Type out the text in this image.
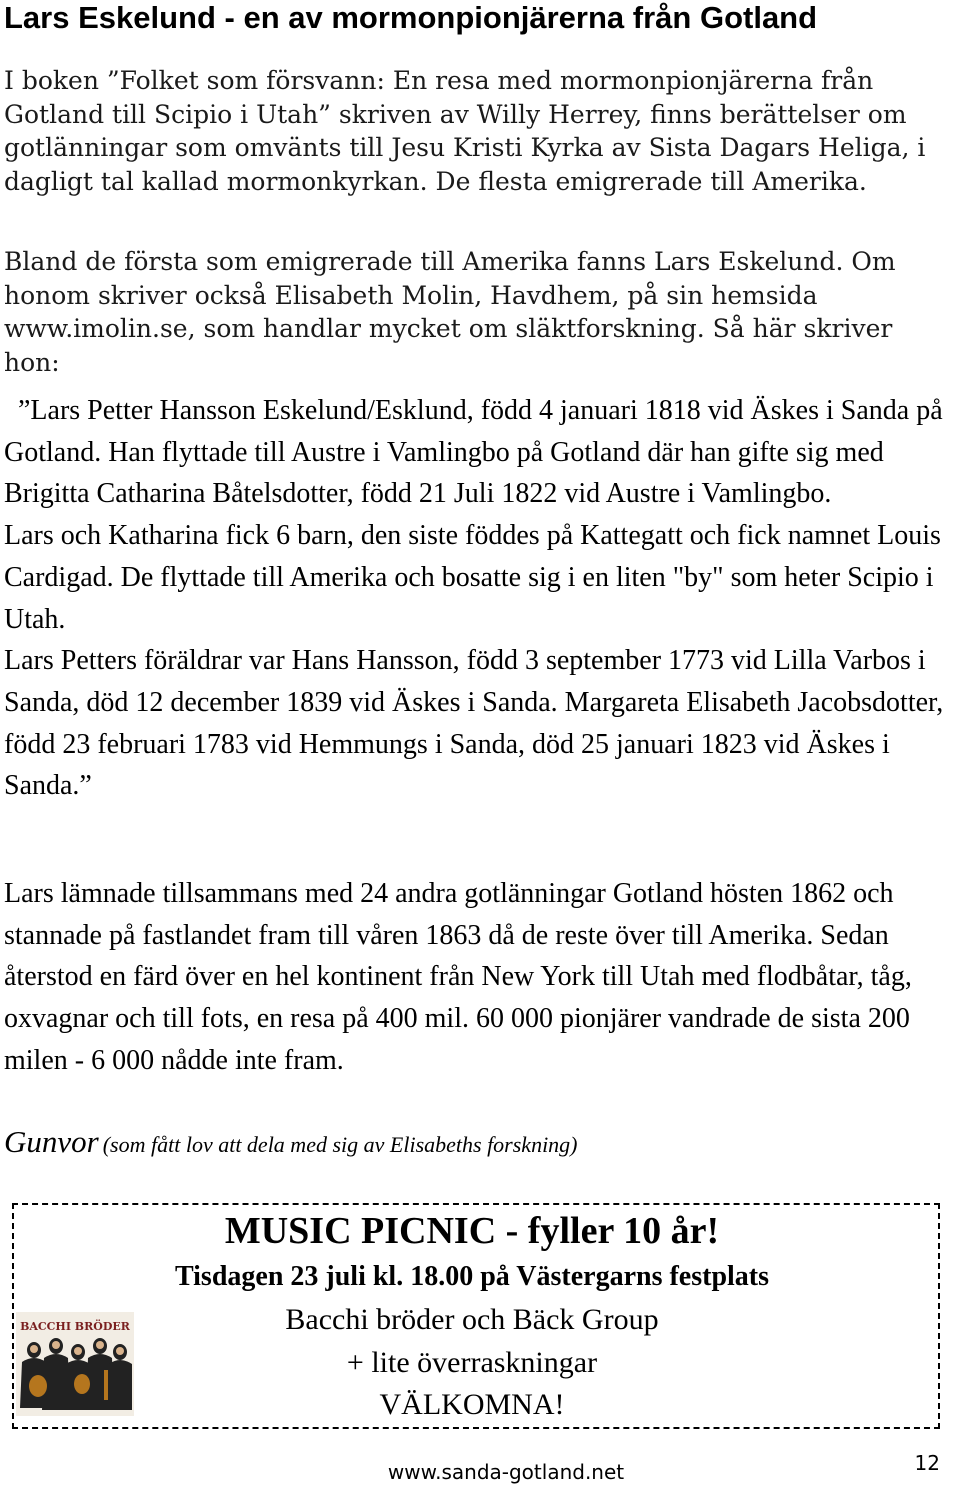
Lars Eskelund - en av mormonpionjärerna från Gotland

I boken ”Folket som försvann: En resa med mormonpionjärerna från Gotland till Scipio i Utah” skriven av Willy Herrey, finns berättelser om gotlänningar som omvänts till Jesu Kristi Kyrka av Sista Dagars Heliga, i dagligt tal kallad mormonkyrkan. De flesta emigrerade till Amerika.

Bland de första som emigrerade till Amerika fanns Lars Eskelund. Om honom skriver också Elisabeth Molin, Havdhem, på sin hemsida www.imolin.se, som handlar mycket om släktforskning. Så här skriver hon:

”Lars Petter Hansson Eskelund/Esklund, född 4 januari 1818 vid Äskes i Sanda på Gotland. Han flyttade till Austre i Vamlingbo på Gotland där han gifte sig med Brigitta Catharina Båtelsdotter, född 21 Juli 1822 vid Austre i Vamlingbo.

Lars och Katharina fick 6 barn, den siste föddes på Kattegatt och fick namnet Louis Cardigad. De flyttade till Amerika och bosatte sig i en liten "by" som heter Scipio i Utah.

Lars Petters föräldrar var Hans Hansson, född 3 september 1773 vid Lilla Varbos i Sanda, död 12 december 1839 vid Äskes i Sanda. Margareta Elisabeth Jacobsdotter, född 23 februari 1783 vid Hemmungs i Sanda, död 25 januari 1823 vid Äskes i Sanda.”

Lars lämnade tillsammans med 24 andra gotlänningar Gotland hösten 1862 och stannade på fastlandet fram till våren 1863 då de reste över till Amerika. Sedan återstod en färd över en hel kontinent från New York till Utah med flodbåtar, tåg, oxvagnar och till fots, en resa på 400 mil. 60 000 pionjärer vandrade de sista 200 milen - 6 000 nådde inte fram.

Gunvor (som fått lov att dela med sig av Elisabeths forskning)
MUSIC PICNIC - fyller 10 år!
Tisdagen 23 juli kl. 18.00 på Västergarns festplats
Bacchi bröder och Bäck Group
+ lite överraskningar
VÄLKOMNA!
BACCHI BRÖDER
www.sanda-gotland.net	12
